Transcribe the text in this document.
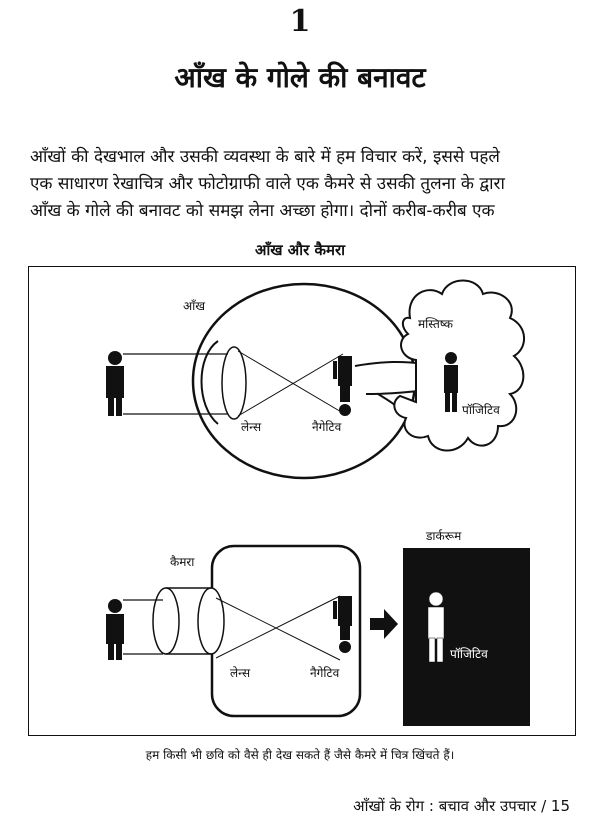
1
आँख के गोले की बनावट
आँखों की देखभाल और उसकी व्यवस्था के बारे में हम विचार करें, इससे पहले
एक साधारण रेखाचित्र और फोटोग्राफी वाले एक कैमरे से उसकी तुलना के द्वारा
आँख के गोले की बनावट को समझ लेना अच्छा होगा। दोनों करीब-करीब एक
आँख और कैमरा
आँख
मस्तिष्क
लेन्स	नैगेटिव
पॉजिटिव
कैमरा
डार्करूम
लेन्स	नैगेटिव
पॉजिटिव
हम किसी भी छवि को वैसे ही देख सकते हैं जैसे कैमरे में चित्र खिंचते हैं।
आँखों के रोग : बचाव और उपचार / 15
